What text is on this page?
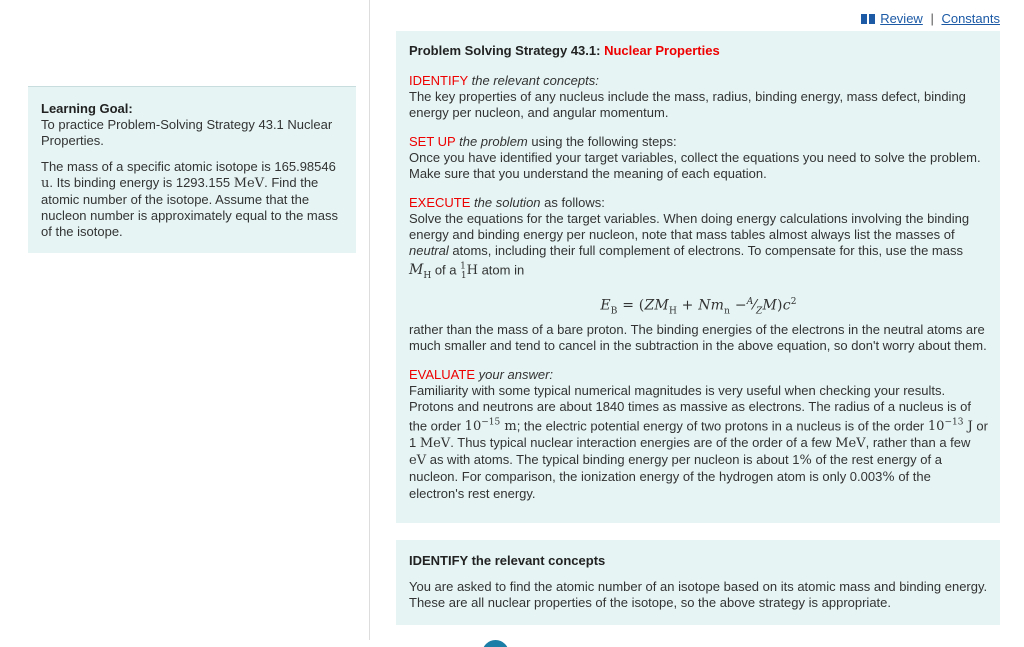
Learning Goal:

To practice Problem-Solving Strategy 43.1 Nuclear Properties.

The mass of a specific atomic isotope is 165.98546 u. Its binding energy is 1293.155 MeV. Find the atomic number of the isotope. Assume that the nucleon number is approximately equal to the mass of the isotope.

Review | Constants
Problem Solving Strategy 43.1: Nuclear Properties
IDENTIFY the relevant concepts:
The key properties of any nucleus include the mass, radius, binding energy, mass defect, binding energy per nucleon, and angular momentum.
SET UP the problem using the following steps:
Once you have identified your target variables, collect the equations you need to solve the problem. Make sure that you understand the meaning of each equation.
EXECUTE the solution as follows:
Solve the equations for the target variables. When doing energy calculations involving the binding energy and binding energy per nucleon, note that mass tables almost always list the masses of neutral atoms, including their full complement of electrons. To compensate for this, use the mass $M_H$ of a $^1_1$H atom in
$E_B = (ZM_H + Nm_n$ $-^A⁄_ZM)c^2$
rather than the mass of a bare proton. The binding energies of the electrons in the neutral atoms are much smaller and tend to cancel in the subtraction in the above equation, so don't worry about them.
EVALUATE your answer:
Familiarity with some typical numerical magnitudes is very useful when checking your results. Protons and neutrons are about 1840 times as massive as electrons. The radius of a nucleus is of the order $10^{-15}$ m; the electric potential energy of two protons in a nucleus is of the order $10^{-13}$ J or 1 MeV. Thus typical nuclear interaction energies are of the order of a few MeV, rather than a few eV as with atoms. The typical binding energy per nucleon is about 1% of the rest energy of a nucleon. For comparison, the ionization energy of the hydrogen atom is only 0.003% of the electron's rest energy.
IDENTIFY the relevant concepts
You are asked to find the atomic number of an isotope based on its atomic mass and binding energy. These are all nuclear properties of the isotope, so the above strategy is appropriate.
